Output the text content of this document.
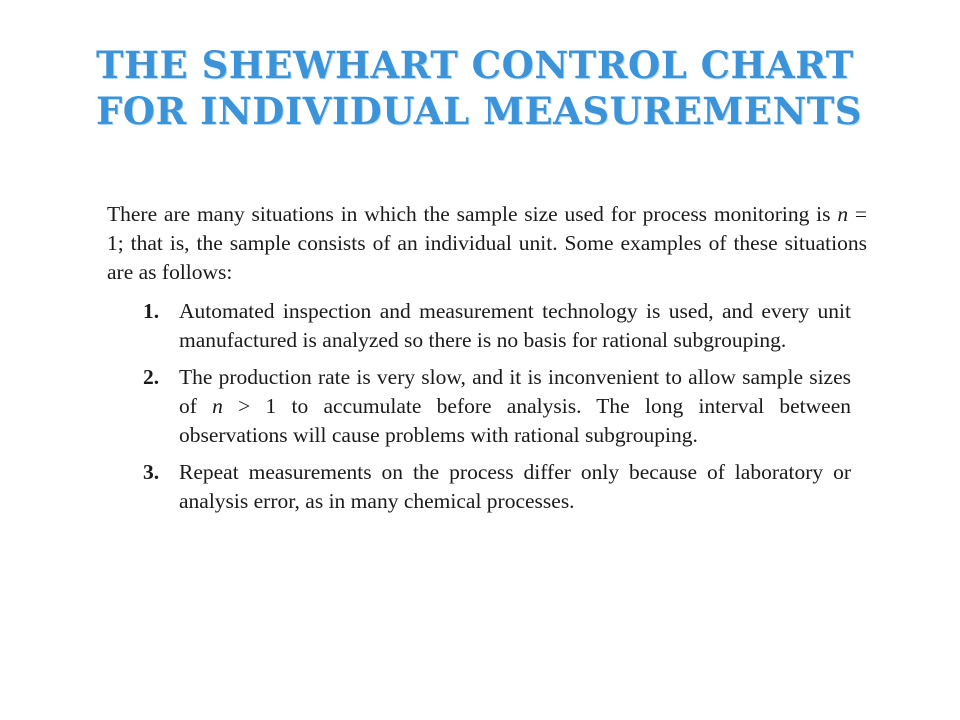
THE SHEWHART CONTROL CHART
FOR INDIVIDUAL MEASUREMENTS

There are many situations in which the sample size used for process monitoring is n = 1; that is, the sample consists of an individual unit. Some examples of these situations are as follows:

1. Automated inspection and measurement technology is used, and every unit manufactured is analyzed so there is no basis for rational subgrouping.
2. The production rate is very slow, and it is inconvenient to allow sample sizes of n > 1 to accumulate before analysis. The long interval between observations will cause problems with rational subgrouping.
3. Repeat measurements on the process differ only because of laboratory or analysis error, as in many chemical processes.
